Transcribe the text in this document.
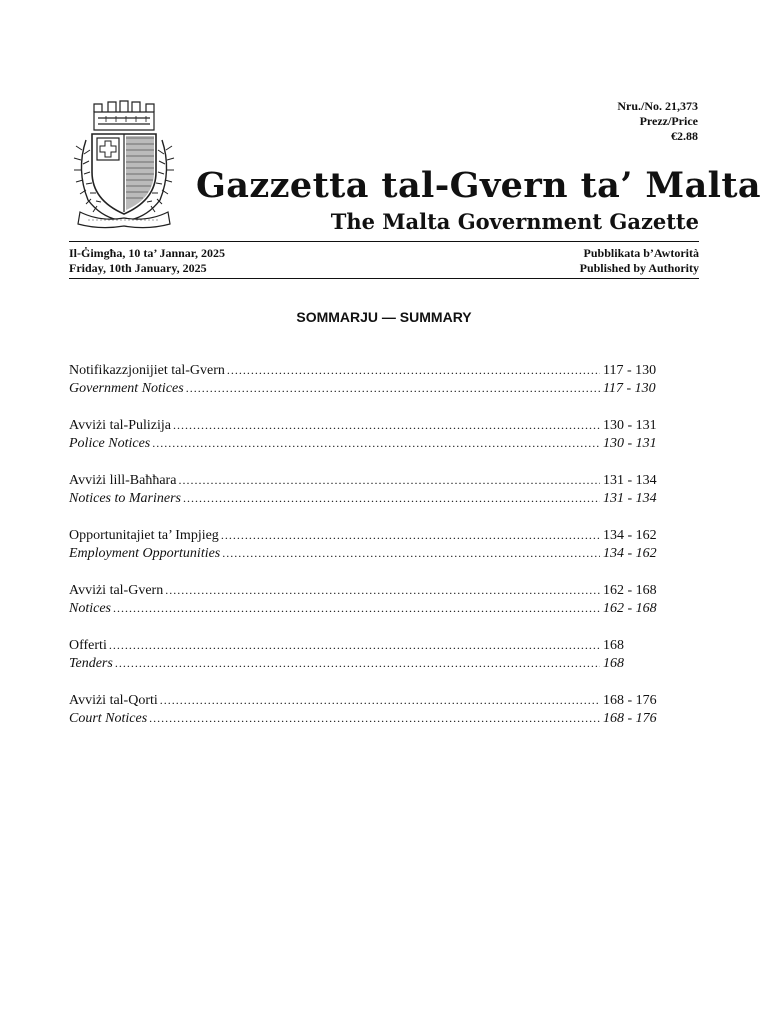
Nru./No. 21,373
Prezz/Price
€2.88
Gazzetta tal-Gvern ta’ Malta
The Malta Government Gazette
Il-Ġimgħa, 10 ta’ Jannar, 2025
Friday, 10th January, 2025
Pubblikata b’Awtorità
Published by Authority
SOMMARJU — SUMMARY
Notifikazzjonijiet tal-Gvern .....	117 - 130
Government Notices .....	117 - 130
Avviżi tal-Pulizija .....	130 - 131
Police Notices .....	130 - 131
Avviżi lill-Baħħara .....	131 - 134
Notices to Mariners .....	131 - 134
Opportunitajiet ta’ Impjieg .....	134 - 162
Employment Opportunities .....	134 - 162
Avviżi tal-Gvern .....	162 - 168
Notices .....	162 - 168
Offerti .....	168
Tenders .....	168
Avviżi tal-Qorti .....	168 - 176
Court Notices .....	168 - 176
